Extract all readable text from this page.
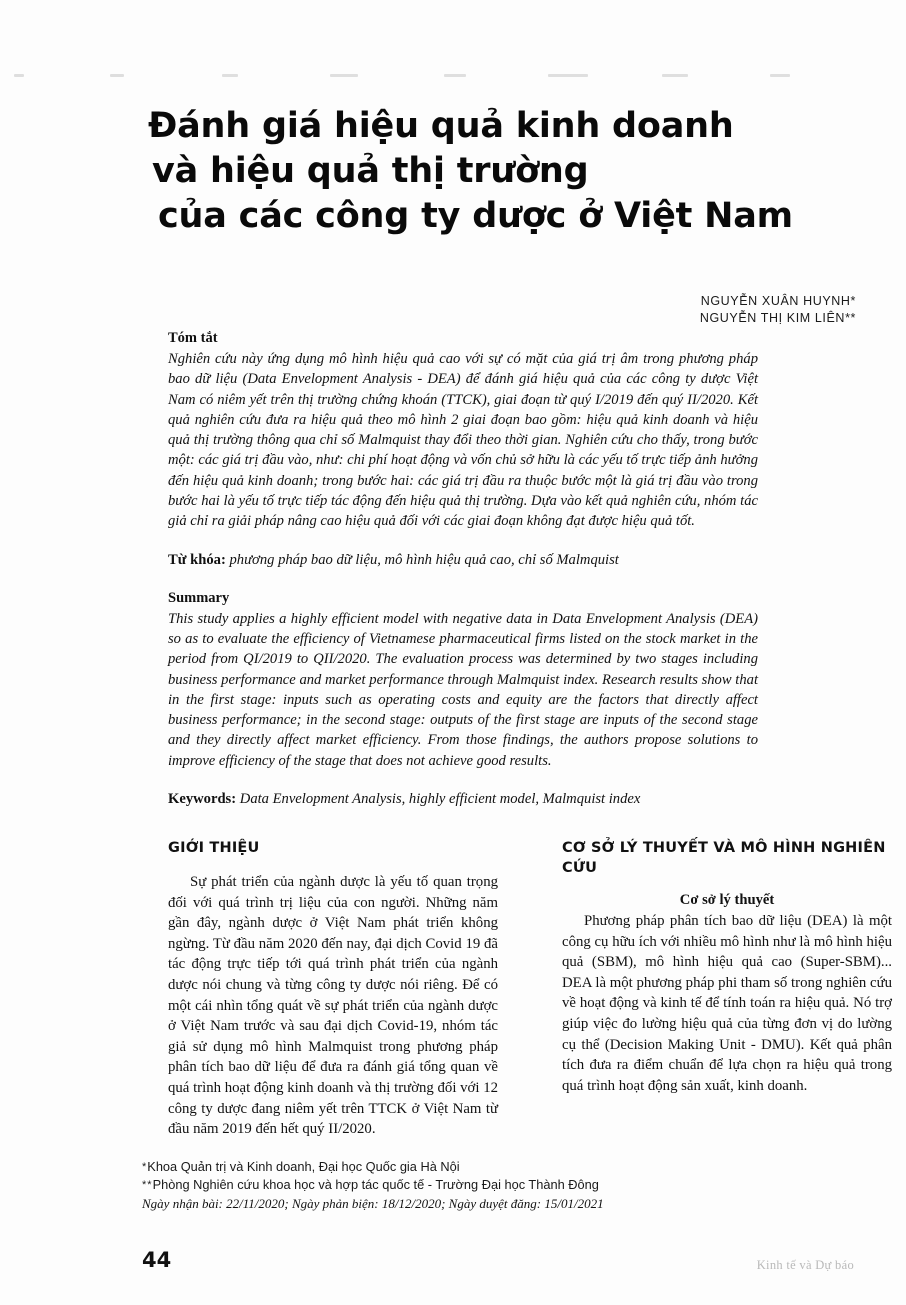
Đánh giá hiệu quả kinh doanh
và hiệu quả thị trường
của các công ty dược ở Việt Nam
NGUYỄN XUÂN HUYNH*
NGUYỄN THỊ KIM LIÊN**
Tóm tắt

Nghiên cứu này ứng dụng mô hình hiệu quả cao với sự có mặt của giá trị âm trong phương pháp bao dữ liệu (Data Envelopment Analysis - DEA) để đánh giá hiệu quả của các công ty dược Việt Nam có niêm yết trên thị trường chứng khoán (TTCK), giai đoạn từ quý I/2019 đến quý II/2020. Kết quả nghiên cứu đưa ra hiệu quả theo mô hình 2 giai đoạn bao gồm: hiệu quả kinh doanh và hiệu quả thị trường thông qua chỉ số Malmquist thay đổi theo thời gian. Nghiên cứu cho thấy, trong bước một: các giá trị đầu vào, như: chi phí hoạt động và vốn chủ sở hữu là các yếu tố trực tiếp ảnh hưởng đến hiệu quả kinh doanh; trong bước hai: các giá trị đầu ra thuộc bước một là giá trị đầu vào trong bước hai là yếu tố trực tiếp tác động đến hiệu quả thị trường. Dựa vào kết quả nghiên cứu, nhóm tác giả chỉ ra giải pháp nâng cao hiệu quả đối với các giai đoạn không đạt được hiệu quả tốt.

Từ khóa: phương pháp bao dữ liệu, mô hình hiệu quả cao, chỉ số Malmquist
Summary

This study applies a highly efficient model with negative data in Data Envelopment Analysis (DEA) so as to evaluate the efficiency of Vietnamese pharmaceutical firms listed on the stock market in the period from QI/2019 to QII/2020. The evaluation process was determined by two stages including business performance and market performance through Malmquist index. Research results show that in the first stage: inputs such as operating costs and equity are the factors that directly affect business performance; in the second stage: outputs of the first stage are inputs of the second stage and they directly affect market efficiency. From those findings, the authors propose solutions to improve efficiency of the stage that does not achieve good results.

Keywords: Data Envelopment Analysis, highly efficient model, Malmquist index
GIỚI THIỆU

Sự phát triển của ngành dược là yếu tố quan trọng đối với quá trình trị liệu của con người. Những năm gần đây, ngành dược ở Việt Nam phát triển không ngừng. Từ đầu năm 2020 đến nay, đại dịch Covid 19 đã tác động trực tiếp tới quá trình phát triển của ngành dược nói chung và từng công ty dược nói riêng. Để có một cái nhìn tổng quát về sự phát triển của ngành dược ở Việt Nam trước và sau đại dịch Covid-19, nhóm tác giả sử dụng mô hình Malmquist trong phương pháp phân tích bao dữ liệu để đưa ra đánh giá tổng quan về quá trình hoạt động kinh doanh và thị trường đối với 12 công ty dược đang niêm yết trên TTCK ở Việt Nam từ đầu năm 2019 đến hết quý II/2020.

CƠ SỞ LÝ THUYẾT VÀ MÔ HÌNH NGHIÊN CỨU
Cơ sở lý thuyết

Phương pháp phân tích bao dữ liệu (DEA) là một công cụ hữu ích với nhiều mô hình như là mô hình hiệu quả (SBM), mô hình hiệu quả cao (Super-SBM)... DEA là một phương pháp phi tham số trong nghiên cứu về hoạt động và kinh tế để tính toán ra hiệu quả. Nó trợ giúp việc đo lường hiệu quả của từng đơn vị do lường cụ thể (Decision Making Unit - DMU). Kết quả phân tích đưa ra điểm chuẩn để lựa chọn ra hiệu quả trong quá trình hoạt động sản xuất, kinh doanh.

*Khoa Quản trị và Kinh doanh, Đại học Quốc gia Hà Nội
**Phòng Nghiên cứu khoa học và hợp tác quốc tế - Trường Đại học Thành Đông
Ngày nhận bài: 22/11/2020; Ngày phản biện: 18/12/2020; Ngày duyệt đăng: 15/01/2021
44	Kinh tế và Dự báo
